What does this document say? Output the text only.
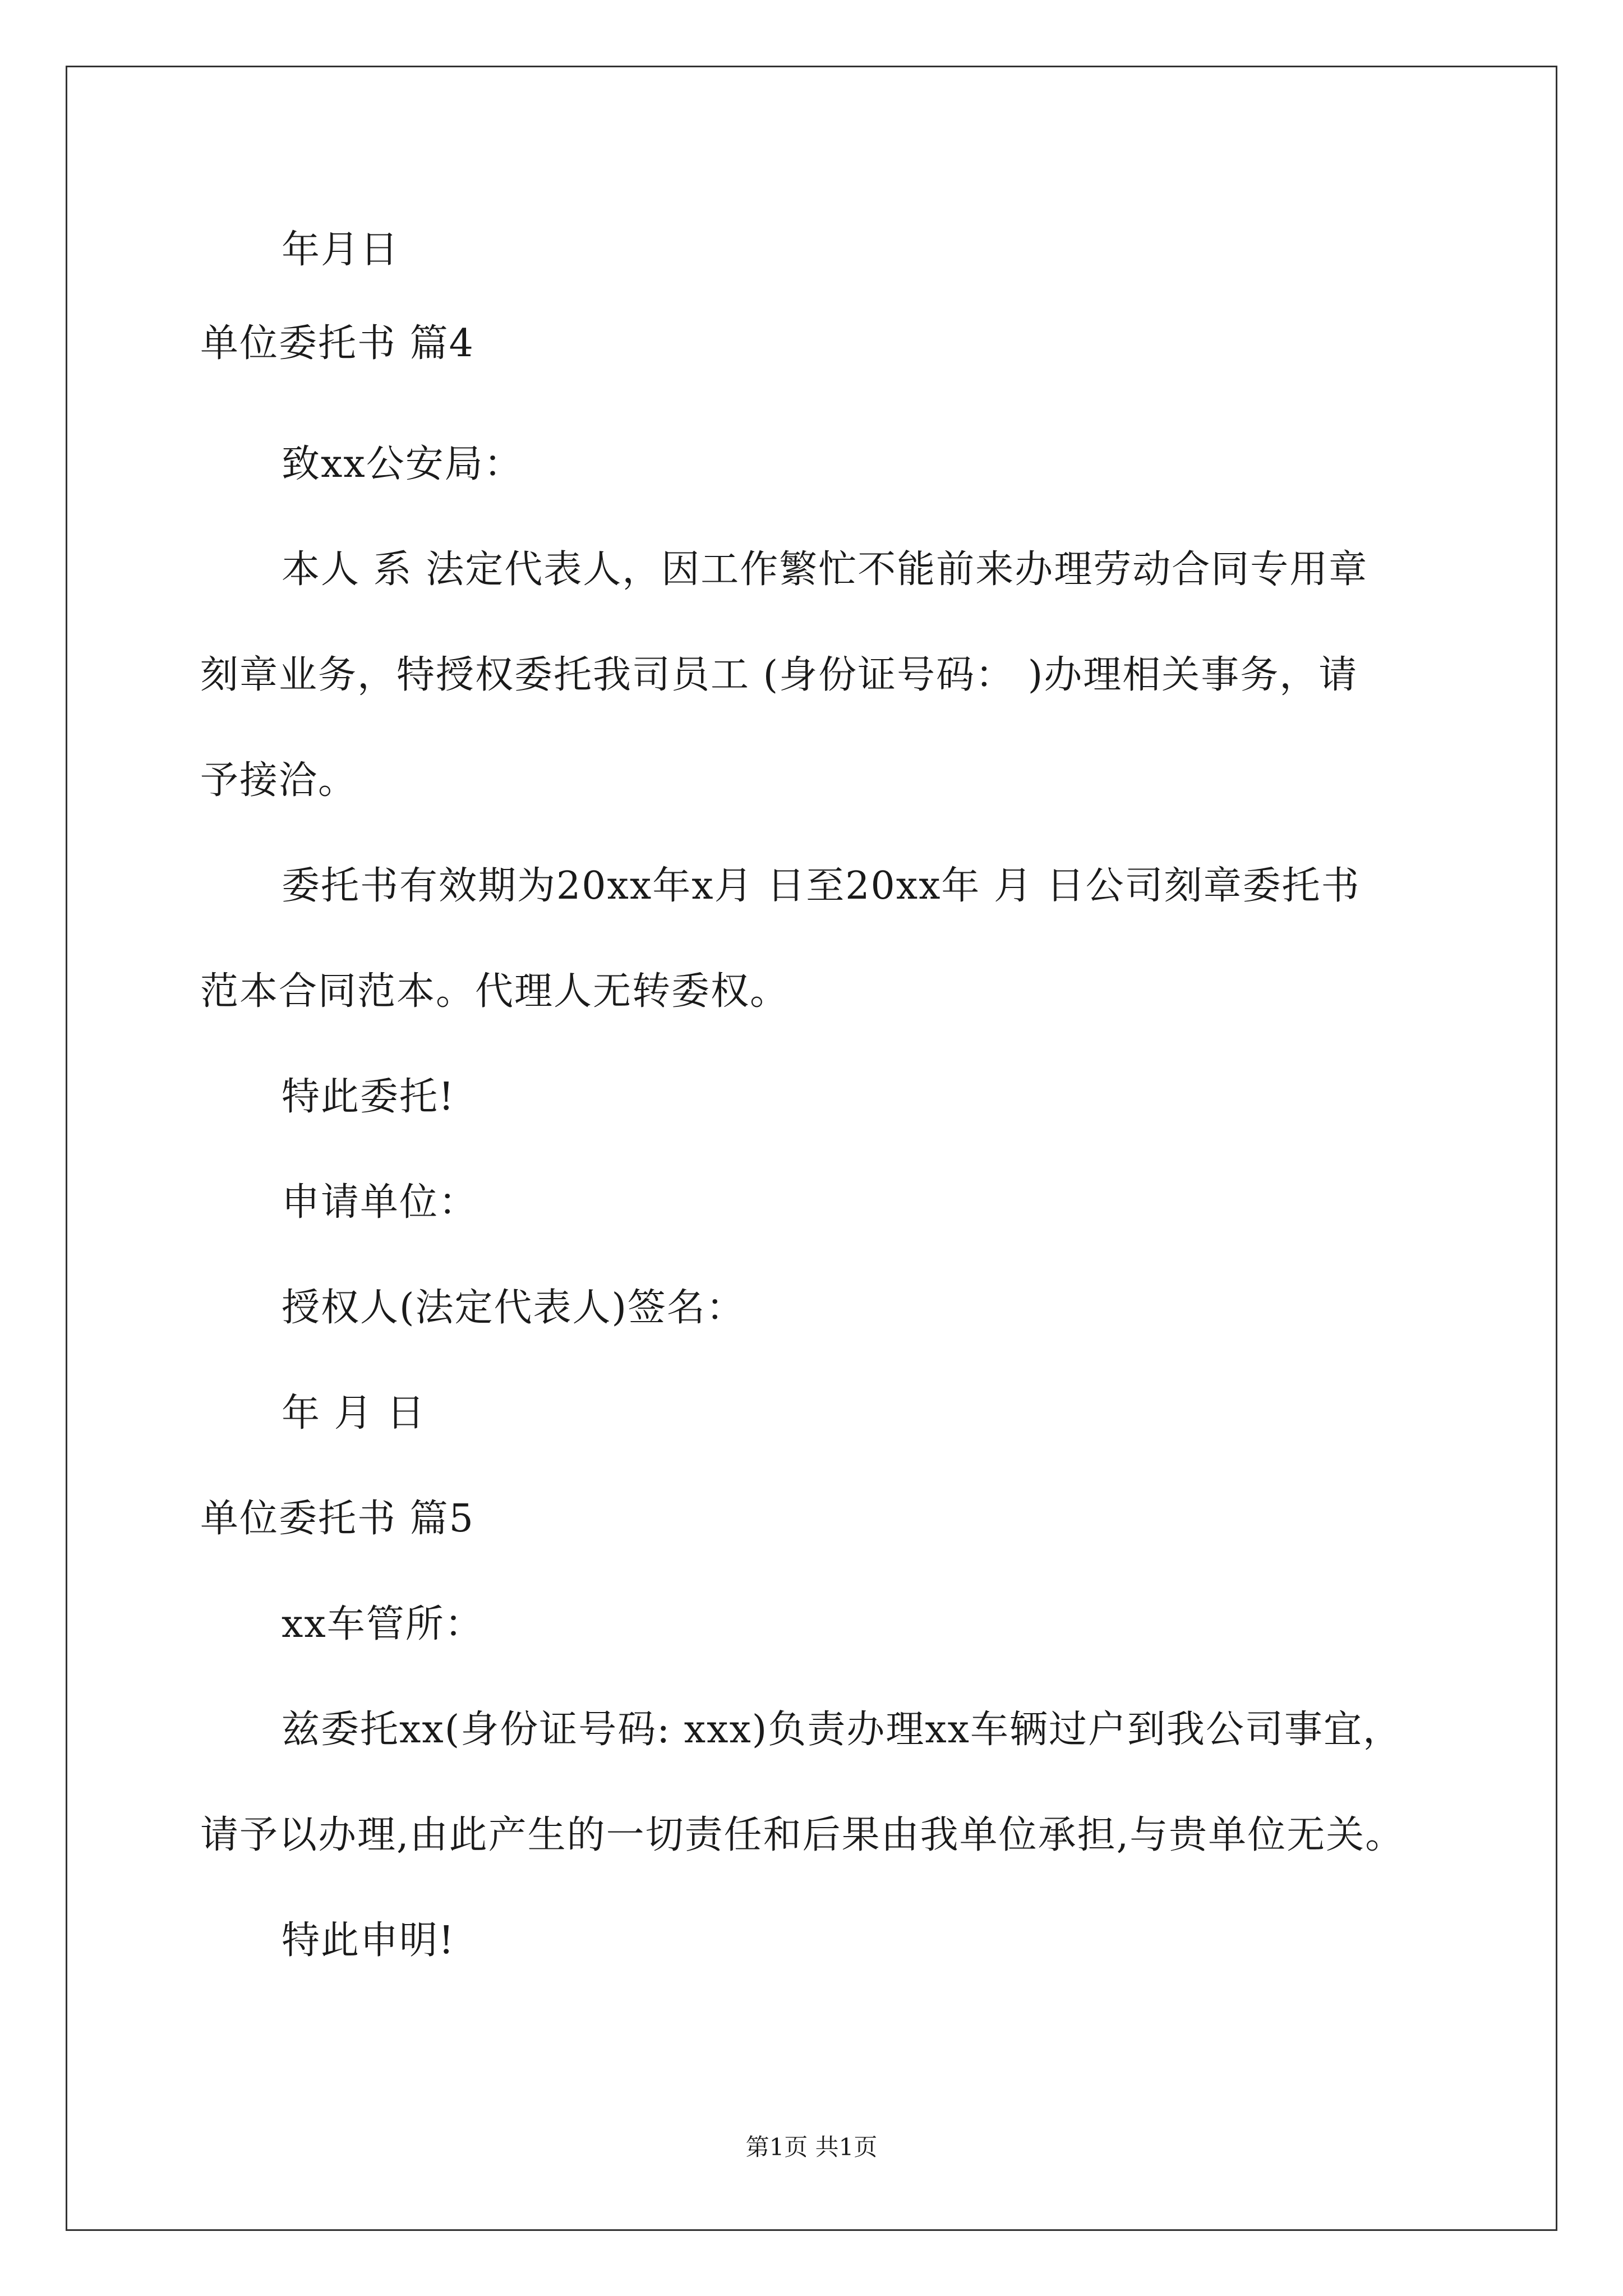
年月日
单位委托书 篇4
致xx公安局：
本人 系 法定代表人，因工作繁忙不能前来办理劳动合同专用章
刻章业务，特授权委托我司员工 (身份证号码： )办理相关事务，请
予接洽。
委托书有效期为20xx年x月 日至20xx年 月 日公司刻章委托书
范本合同范本。代理人无转委权。
特此委托!
申请单位：
授权人(法定代表人)签名：
年 月 日
单位委托书 篇5
xx车管所：
兹委托xx(身份证号码: xxx)负责办理xx车辆过户到我公司事宜，
请予以办理,由此产生的一切责任和后果由我单位承担,与贵单位无关。
特此申明!
第1页 共1页
